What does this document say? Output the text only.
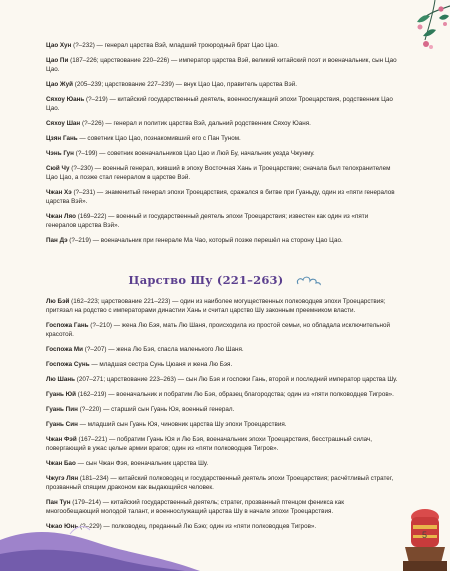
Цао Хун (?–232) — генерал царства Вэй, младший троюродный брат Цао Цао.

Цао Пи (187–226; царствование 220–226) — император царства Вэй, великий китайский поэт и военачальник, сын Цао Цао.

Цао Жуй (205–239; царствование 227–239) — внук Цао Цао, правитель царства Вэй.

Сяхоу Юань (?–219) — китайский государственный деятель, военнослужащий эпохи Троецарствия, родственник Цао Цао.

Сяхоу Шан (?–226) — генерал и политик царства Вэй, дальний родственник Сяхоу Юаня.

Цзян Гань — советник Цао Цао, познакомивший его с Пан Туном.

Чэнь Гун (?–199) — советник военачальников Цао Цао и Люй Бу, начальник уезда Чжунму.

Сюй Чу (?–230) — военный генерал, живший в эпоху Восточная Хань и Троецарствие; сначала был телохранителем Цао Цао, а позже стал генералом в царстве Вэй.

Чжан Хэ (?–231) — знаменитый генерал эпохи Троецарствия, сражался в битве при Гуаньду, один из «пяти генералов царства Вэй».

Чжан Ляо (169–222) — военный и государственный деятель эпохи Троецарствия; известен как один из «пяти генералов царства Вэй».

Пан Дэ (?–219) — военачальник при генерале Ма Чао, который позже перешёл на сторону Цао Цао.

Царство Шу (221–263)

Лю Бэй (162–223; царствование 221–223) — один из наиболее могущественных полководцев эпохи Троецарствия; притязал на родство с императорами династии Хань и считал царство Шу законным преемником власти.

Госпожа Гань (?–210) — жена Лю Бэя, мать Лю Шаня, происходила из простой семьи, но обладала исключительной красотой.

Госпожа Ми (?–207) — жена Лю Бэя, спасла маленького Лю Шаня.

Госпожа Сунь — младшая сестра Сунь Цюаня и жена Лю Бэя.

Лю Шань (207–271; царствование 223–263) — сын Лю Бэя и госпожи Гань, второй и последний император царства Шу.

Гуань Юй (162–219) — военачальник и побратим Лю Бэя, образец благородства; один из «пяти полководцев Тигров».

Гуань Пин (?–220) — старший сын Гуань Юя, военный генерал.

Гуань Син — младший сын Гуань Юя, чиновник царства Шу эпохи Троецарствия.

Чжан Фэй (167–221) — побратим Гуань Юя и Лю Бэя, военачальник эпохи Троецарствия, бесстрашный силач, повергающий в ужас целые армии врагов; один из «пяти полководцев Тигров».

Чжан Бао — сын Чжан Фэя, военачальник царства Шу.

Чжугэ Лян (181–234) — китайский полководец и государственный деятель эпохи Троецарствия; расчётливый стратег, прозванный спящим драконом как выдающийся человек.

Пан Тун (179–214) — китайский государственный деятель; стратег, прозванный птенцом феникса как многообещающий молодой талант, и военнослужащий царства Шу в начале эпохи Троецарствия.

Чжао Юнь (?–229) — полководец, преданный Лю Бэю; один из «пяти полководцев Тигров».

5
